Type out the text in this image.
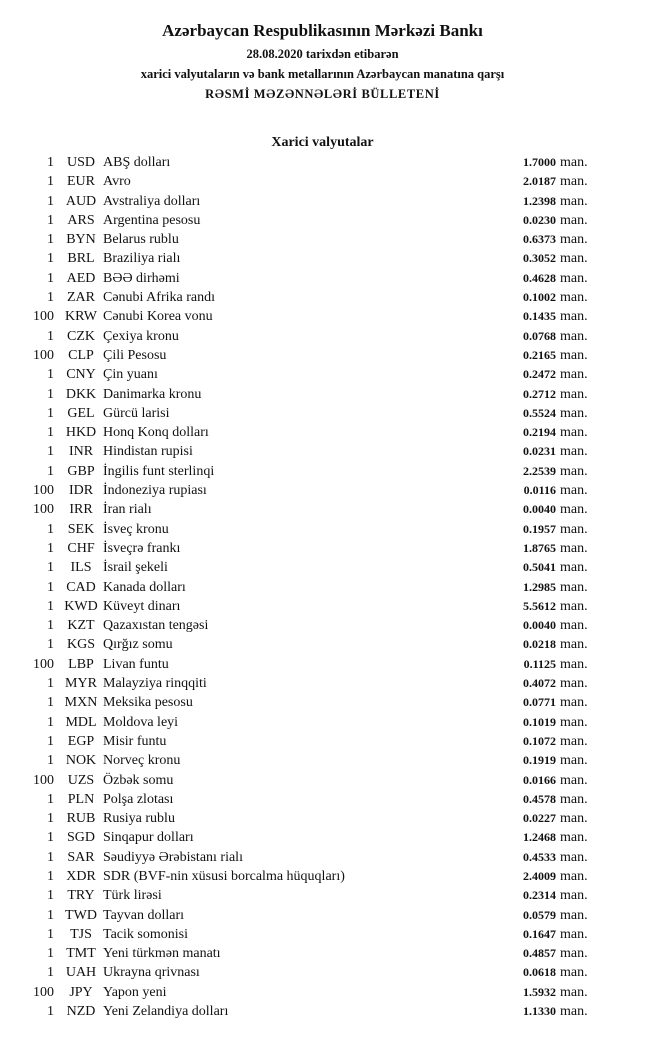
Azərbaycan Respublikasının Mərkəzi Bankı
28.08.2020 tarixdən etibarən
xarici valyutaların və bank metallarının Azərbaycan manatına qarşı
RƏSMİ MƏZƏNNƏLƏRİ BÜLLETENİ
Xarici valyutalar
1 USD ABŞ dolları	1.7000 man.
1 EUR Avro	2.0187 man.
1 AUD Avstraliya dolları	1.2398 man.
1 ARS Argentina pesosu	0.0230 man.
1 BYN Belarus rublu	0.6373 man.
1 BRL Braziliya rialı	0.3052 man.
1 AED BƏƏ dirhəmi	0.4628 man.
1 ZAR Cənubi Afrika randı	0.1002 man.
100 KRW Cənubi Korea vonu	0.1435 man.
1 CZK Çexiya kronu	0.0768 man.
100	CLP Çili Pesosu	0.2165 man.
1 CNY Çin yuanı	0.2472 man.
1 DKK Danimarka kronu	0.2712 man.
1 GEL Gürcü larisi	0.5524 man.
1 HKD Honq Konq dolları	0.2194 man.
1	INR Hindistan rupisi	0.0231 man.
1 GBP İngilis funt sterlinqi	2.2539 man.
100	IDR İndoneziya rupiası	0.0116 man.
100	IRR İran rialı	0.0040 man.
1 SEK İsveç kronu	0.1957 man.
1 CHF İsveçrə frankı	1.8765 man.
1	ILS İsrail şekeli	0.5041 man.
1 CAD Kanada dolları	1.2985 man.
1 KWD Küveyt dinarı	5.5612 man.
1 KZT Qazaxıstan tengəsi	0.0040 man.
1 KGS Qırğız somu	0.0218 man.
100	LBP Livan funtu	0.1125 man.
1 MYR Malayziya rinqqiti	0.4072 man.
1 MXN Meksika pesosu	0.0771 man.
1 MDL Moldova leyi	0.1019 man.
1 EGP Misir funtu	0.1072 man.
1 NOK Norveç kronu	0.1919 man.
100 UZS Özbək somu	0.0166 man.
1 PLN Polşa zlotası	0.4578 man.
1 RUB Rusiya rublu	0.0227 man.
1 SGD Sinqapur dolları	1.2468 man.
1 SAR Səudiyyə Ərəbistanı rialı	0.4533 man.
1 XDR SDR (BVF-nin xüsusi borcalma hüquqları)	2.4009 man.
1 TRY Türk lirəsi	0.2314 man.
1 TWD Tayvan dolları	0.0579 man.
1	TJS Tacik somonisi	0.1647 man.
1 TMT Yeni türkmən manatı	0.4857 man.
1 UAH Ukrayna qrivnası	0.0618 man.
100	JPY Yapon yeni	1.5932 man.
1 NZD Yeni Zelandiya dolları	1.1330 man.
